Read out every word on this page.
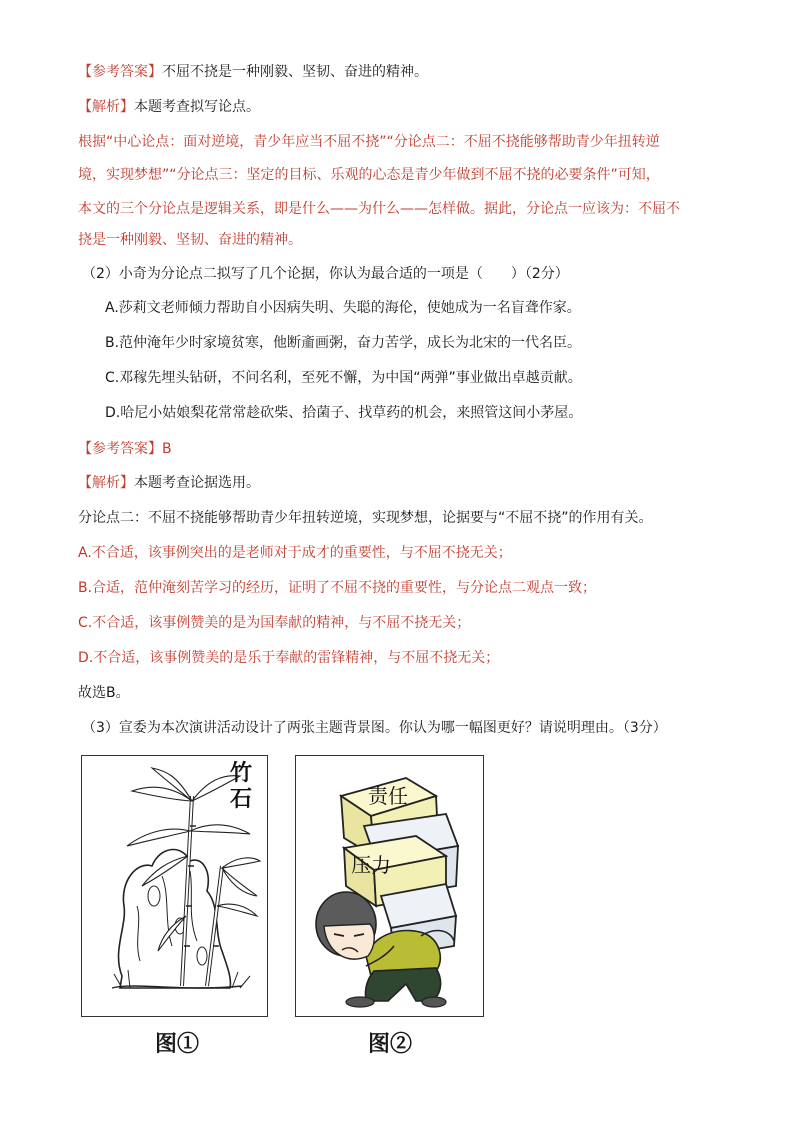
【参考答案】不屈不挠是一种刚毅、坚韧、奋进的精神。
【解析】本题考查拟写论点。
根据“中心论点：面对逆境，青少年应当不屈不挠”“分论点二：不屈不挠能够帮助青少年扭转逆
境，实现梦想”“分论点三：坚定的目标、乐观的心态是青少年做到不屈不挠的必要条件”可知，
本文的三个分论点是逻辑关系，即是什么——为什么——怎样做。据此，分论点一应该为：不屈不
挠是一种刚毅、坚韧、奋进的精神。
（2）小奇为分论点二拟写了几个论据，你认为最合适的一项是（　　）（2分）
A.莎莉文老师倾力帮助自小因病失明、失聪的海伦，使她成为一名盲聋作家。
B.范仲淹年少时家境贫寒，他断齑画粥，奋力苦学，成长为北宋的一代名臣。
C.邓稼先埋头钻研，不问名利，至死不懈，为中国“两弹”事业做出卓越贡献。
D.哈尼小姑娘梨花常常趁砍柴、拾菌子、找草药的机会，来照管这间小茅屋。
【参考答案】B
【解析】本题考查论据选用。
分论点二：不屈不挠能够帮助青少年扭转逆境，实现梦想，论据要与“不屈不挠”的作用有关。
A.不合适，该事例突出的是老师对于成才的重要性，与不屈不挠无关；
B.合适，范仲淹刻苦学习的经历，证明了不屈不挠的重要性，与分论点二观点一致；
C.不合适，该事例赞美的是为国奉献的精神，与不屈不挠无关；
D.不合适，该事例赞美的是乐于奉献的雷锋精神，与不屈不挠无关；
故选B。
（3）宣委为本次演讲活动设计了两张主题背景图。你认为哪一幅图更好？请说明理由。（3分）
竹
石
图①
责任
压力
图②
